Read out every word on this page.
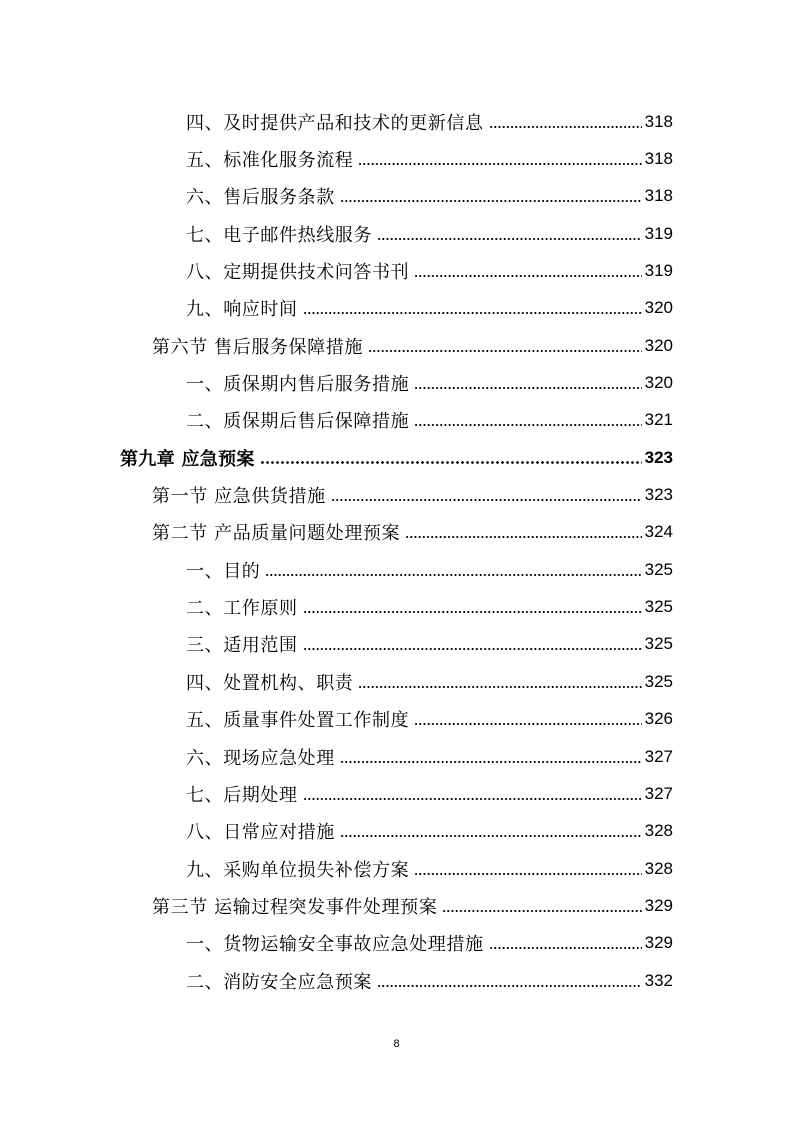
四、及时提供产品和技术的更新信息	318
五、标准化服务流程	318
六、售后服务条款	318
七、电子邮件热线服务	319
八、定期提供技术问答书刊	319
九、响应时间	320
第六节 售后服务保障措施	320
一、质保期内售后服务措施	320
二、质保期后售后保障措施	321
第九章 应急预案	323
第一节 应急供货措施	323
第二节 产品质量问题处理预案	324
一、目的	325
二、工作原则	325
三、适用范围	325
四、处置机构、职责	325
五、质量事件处置工作制度	326
六、现场应急处理	327
七、后期处理	327
八、日常应对措施	328
九、采购单位损失补偿方案	328
第三节 运输过程突发事件处理预案	329
一、货物运输安全事故应急处理措施	329
二、消防安全应急预案	332
8
